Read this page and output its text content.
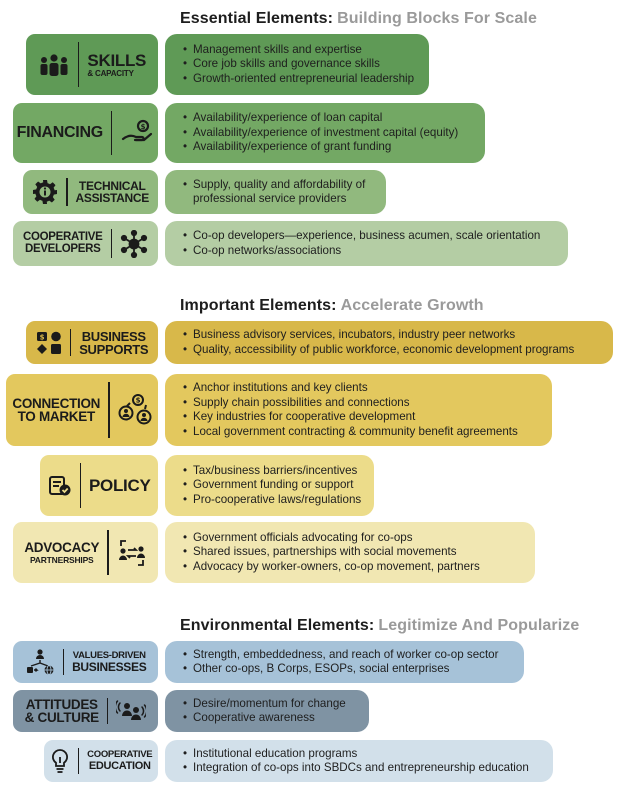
Essential Elements: Building Blocks For Scale
SKILLS
& CAPACITY
• Management skills and expertise
• Core job skills and governance skills
• Growth-oriented entrepreneurial leadership
FINANCING	$
• Availability/experience of loan capital
• Availability/experience of investment capital (equity)
• Availability/experience of grant funding
TECHNICAL
ASSISTANCE
• Supply, quality and affordability of professional service providers
COOPERATIVE
DEVELOPERS
• Co-op developers—experience, business acumen, scale orientation
• Co-op networks/associations
Important Elements: Accelerate Growth
$	BUSINESS
SUPPORTS
• Business advisory services, incubators, industry peer networks
• Quality, accessibility of public workforce, economic development programs
CONNECTION
TO MARKET
$
• Anchor institutions and key clients
• Supply chain possibilities and connections
• Key industries for cooperative development
• Local government contracting & community benefit agreements
POLICY
• Tax/business barriers/incentives
• Government funding or support
• Pro-cooperative laws/regulations
ADVOCACY
PARTNERSHIPS
• Government officials advocating for co-ops
• Shared issues, partnerships with social movements
• Advocacy by worker-owners, co-op movement, partners
Environmental Elements: Legitimize And Popularize
VALUES-DRIVEN
BUSINESSES
• Strength, embeddedness, and reach of worker co-op sector
• Other co-ops, B Corps, ESOPs, social enterprises
ATTITUDES
& CULTURE
• Desire/momentum for change
• Cooperative awareness
COOPERATIVE
EDUCATION
• Institutional education programs
• Integration of co-ops into SBDCs and entrepreneurship education
